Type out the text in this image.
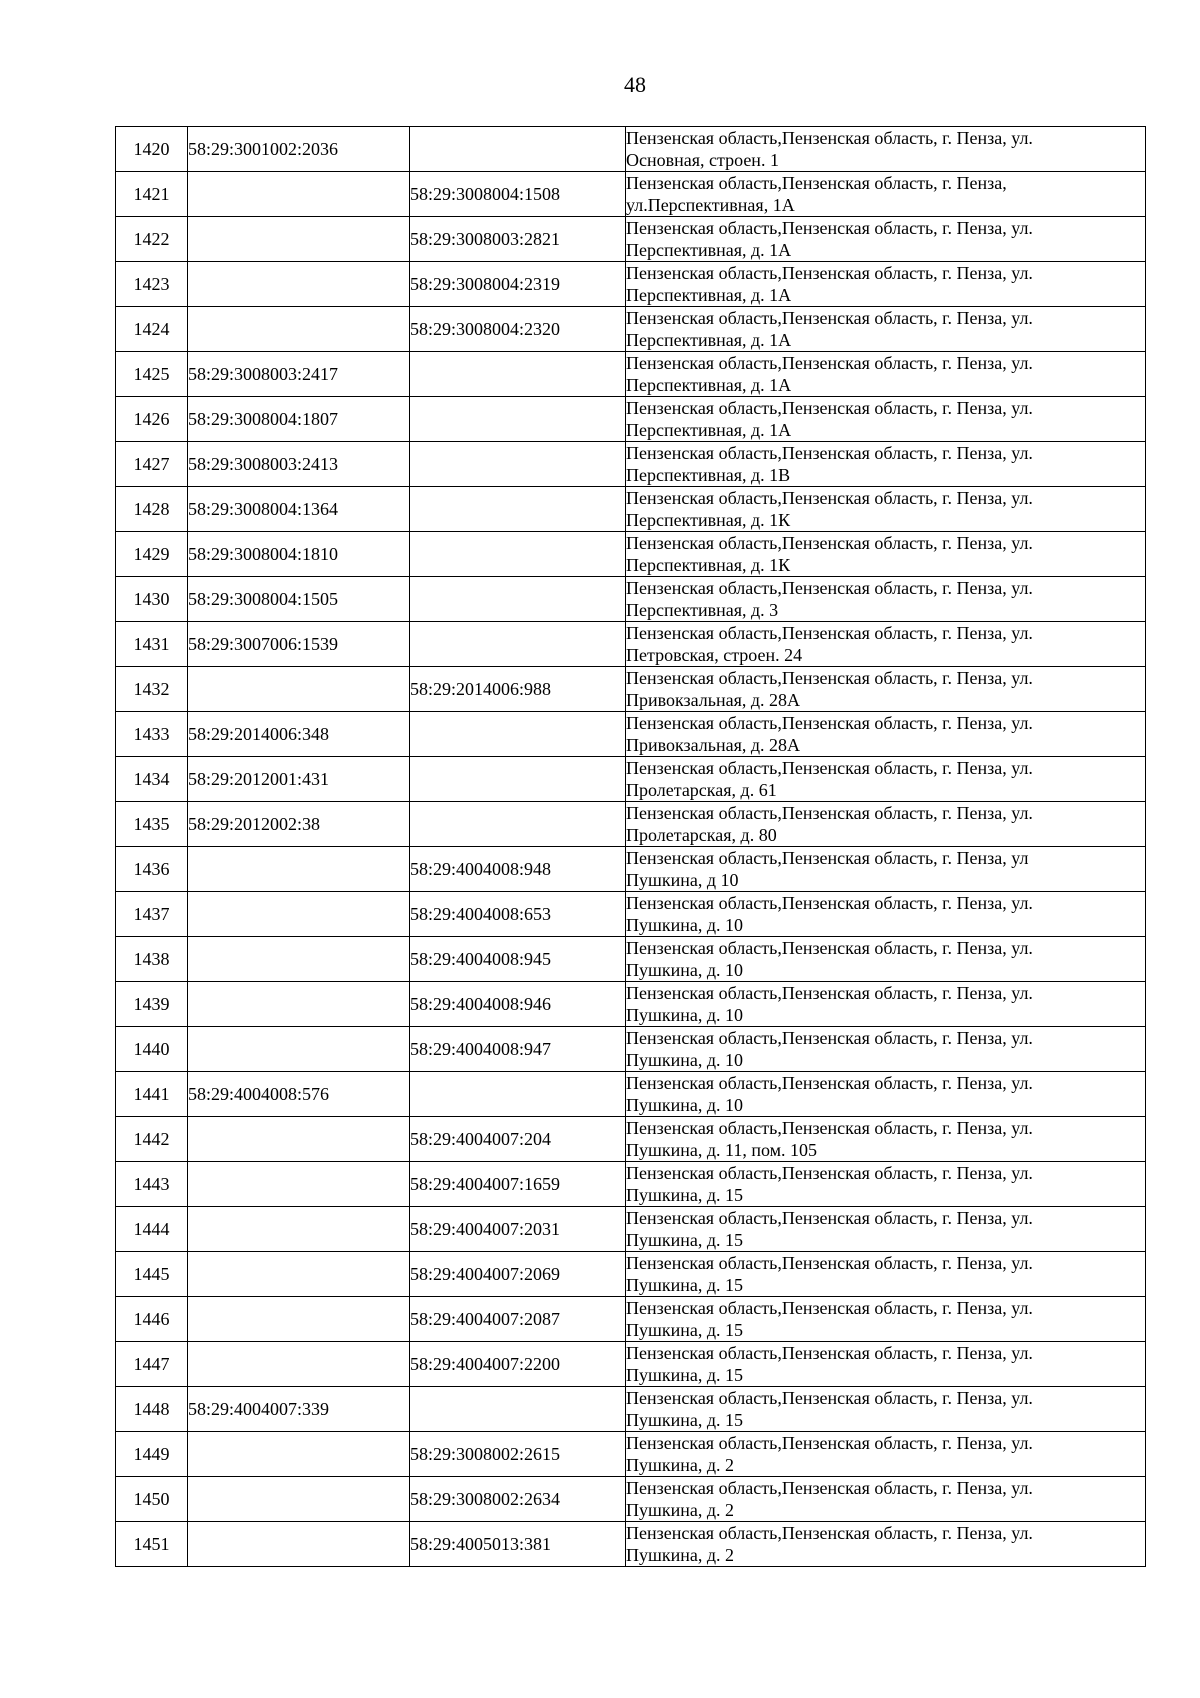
48
1420	58:29:3001002:2036		Пензенская область,Пензенская область, г. Пенза, ул.
Основная, строен. 1

1421		58:29:3008004:1508	Пензенская область,Пензенская область, г. Пенза,
ул.Перспективная, 1А

1422		58:29:3008003:2821	Пензенская область,Пензенская область, г. Пенза, ул.
Перспективная, д. 1А

1423		58:29:3008004:2319	Пензенская область,Пензенская область, г. Пенза, ул.
Перспективная, д. 1А

1424		58:29:3008004:2320	Пензенская область,Пензенская область, г. Пенза, ул.
Перспективная, д. 1А

1425	58:29:3008003:2417		Пензенская область,Пензенская область, г. Пенза, ул.
Перспективная, д. 1А

1426	58:29:3008004:1807		Пензенская область,Пензенская область, г. Пенза, ул.
Перспективная, д. 1А

1427	58:29:3008003:2413		Пензенская область,Пензенская область, г. Пенза, ул.
Перспективная, д. 1В

1428	58:29:3008004:1364		Пензенская область,Пензенская область, г. Пенза, ул.
Перспективная, д. 1К

1429	58:29:3008004:1810		Пензенская область,Пензенская область, г. Пенза, ул.
Перспективная, д. 1К

1430	58:29:3008004:1505		Пензенская область,Пензенская область, г. Пенза, ул.
Перспективная, д. 3

1431	58:29:3007006:1539		Пензенская область,Пензенская область, г. Пенза, ул.
Петровская, строен. 24

1432		58:29:2014006:988	Пензенская область,Пензенская область, г. Пенза, ул.
Привокзальная, д. 28А

1433	58:29:2014006:348		Пензенская область,Пензенская область, г. Пенза, ул.
Привокзальная, д. 28А

1434	58:29:2012001:431		Пензенская область,Пензенская область, г. Пенза, ул.
Пролетарская, д. 61

1435	58:29:2012002:38		Пензенская область,Пензенская область, г. Пенза, ул.
Пролетарская, д. 80

1436		58:29:4004008:948	Пензенская область,Пензенская область, г. Пенза, ул
Пушкина, д 10

1437		58:29:4004008:653	Пензенская область,Пензенская область, г. Пенза, ул.
Пушкина, д. 10

1438		58:29:4004008:945	Пензенская область,Пензенская область, г. Пенза, ул.
Пушкина, д. 10

1439		58:29:4004008:946	Пензенская область,Пензенская область, г. Пенза, ул.
Пушкина, д. 10

1440		58:29:4004008:947	Пензенская область,Пензенская область, г. Пенза, ул.
Пушкина, д. 10

1441	58:29:4004008:576		Пензенская область,Пензенская область, г. Пенза, ул.
Пушкина, д. 10

1442		58:29:4004007:204	Пензенская область,Пензенская область, г. Пенза, ул.
Пушкина, д. 11, пом. 105

1443		58:29:4004007:1659	Пензенская область,Пензенская область, г. Пенза, ул.
Пушкина, д. 15

1444		58:29:4004007:2031	Пензенская область,Пензенская область, г. Пенза, ул.
Пушкина, д. 15

1445		58:29:4004007:2069	Пензенская область,Пензенская область, г. Пенза, ул.
Пушкина, д. 15

1446		58:29:4004007:2087	Пензенская область,Пензенская область, г. Пенза, ул.
Пушкина, д. 15

1447		58:29:4004007:2200	Пензенская область,Пензенская область, г. Пенза, ул.
Пушкина, д. 15

1448	58:29:4004007:339		Пензенская область,Пензенская область, г. Пенза, ул.
Пушкина, д. 15

1449		58:29:3008002:2615	Пензенская область,Пензенская область, г. Пенза, ул.
Пушкина, д. 2

1450		58:29:3008002:2634	Пензенская область,Пензенская область, г. Пенза, ул.
Пушкина, д. 2

1451		58:29:4005013:381	Пензенская область,Пензенская область, г. Пенза, ул.
Пушкина, д. 2
